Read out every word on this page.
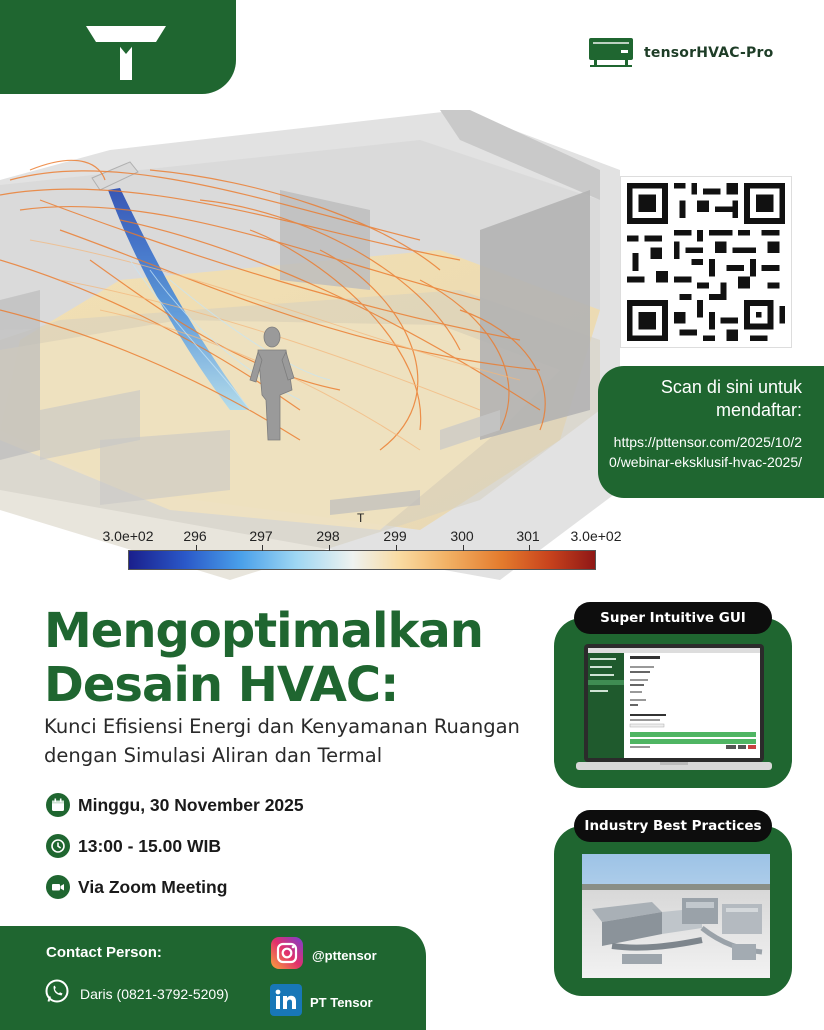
tensorHVAC-Pro
Scan di sini untuk mendaftar:
https://pttensor.com/2025/10/20/webinar-eksklusif-hvac-2025/
T
3.0e+02 296	297	298	299	300	301 3.0e+02
Mengoptimalkan Desain HVAC:
Kunci Efisiensi Energi dan Kenyamanan Ruangan dengan Simulasi Aliran dan Termal
Minggu, 30 November 2025
13:00 - 15.00 WIB
Via Zoom Meeting
Contact Person:
Daris (0821-3792-5209)
@pttensor
PT Tensor
Super Intuitive GUI
Industry Best Practices
